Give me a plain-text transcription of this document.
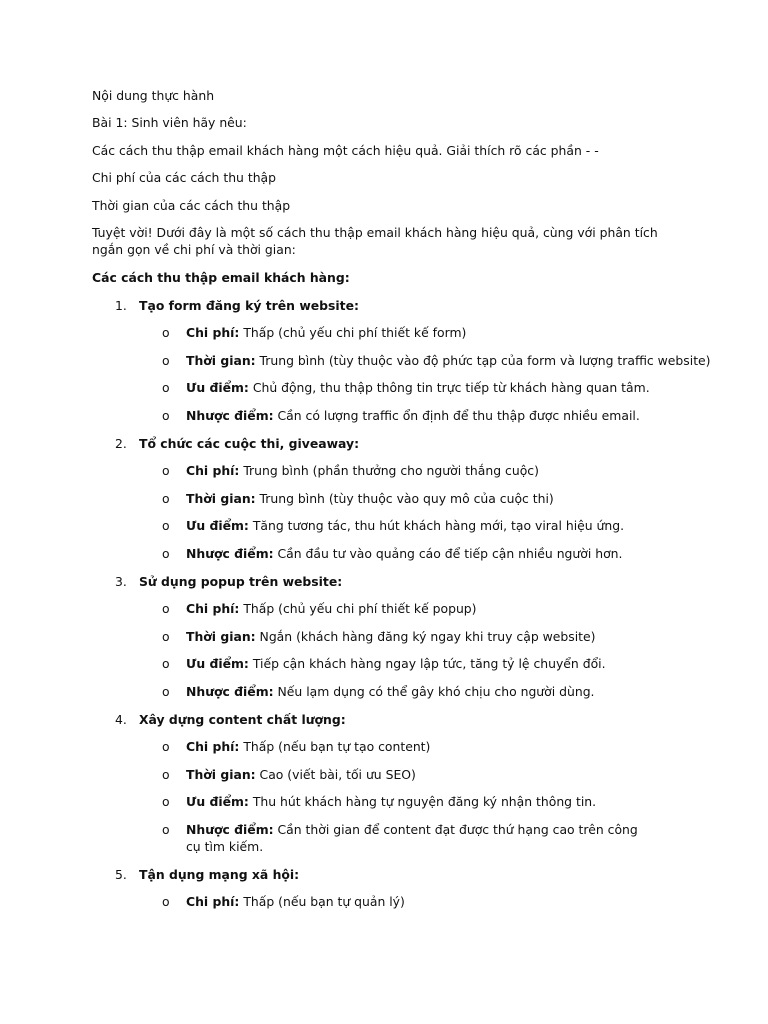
Nội dung thực hành
Bài 1: Sinh viên hãy nêu:
Các cách thu thập email khách hàng một cách hiệu quả. Giải thích rõ các phần - -
Chi phí của các cách thu thập
Thời gian của các cách thu thập
Tuyệt vời! Dưới đây là một số cách thu thập email khách hàng hiệu quả, cùng với phân tích ngắn gọn về chi phí và thời gian:
Các cách thu thập email khách hàng:
1. Tạo form đăng ký trên website:
o Chi phí: Thấp (chủ yếu chi phí thiết kế form)
o Thời gian: Trung bình (tùy thuộc vào độ phức tạp của form và lượng traffic website)
o Ưu điểm: Chủ động, thu thập thông tin trực tiếp từ khách hàng quan tâm.
o Nhược điểm: Cần có lượng traffic ổn định để thu thập được nhiều email.
2. Tổ chức các cuộc thi, giveaway:
o Chi phí: Trung bình (phần thưởng cho người thắng cuộc)
o Thời gian: Trung bình (tùy thuộc vào quy mô của cuộc thi)
o Ưu điểm: Tăng tương tác, thu hút khách hàng mới, tạo viral hiệu ứng.
o Nhược điểm: Cần đầu tư vào quảng cáo để tiếp cận nhiều người hơn.
3. Sử dụng popup trên website:
o Chi phí: Thấp (chủ yếu chi phí thiết kế popup)
o Thời gian: Ngắn (khách hàng đăng ký ngay khi truy cập website)
o Ưu điểm: Tiếp cận khách hàng ngay lập tức, tăng tỷ lệ chuyển đổi.
o Nhược điểm: Nếu lạm dụng có thể gây khó chịu cho người dùng.
4. Xây dựng content chất lượng:
o Chi phí: Thấp (nếu bạn tự tạo content)
o Thời gian: Cao (viết bài, tối ưu SEO)
o Ưu điểm: Thu hút khách hàng tự nguyện đăng ký nhận thông tin.
o Nhược điểm: Cần thời gian để content đạt được thứ hạng cao trên công cụ tìm kiếm.
5. Tận dụng mạng xã hội:
o Chi phí: Thấp (nếu bạn tự quản lý)
